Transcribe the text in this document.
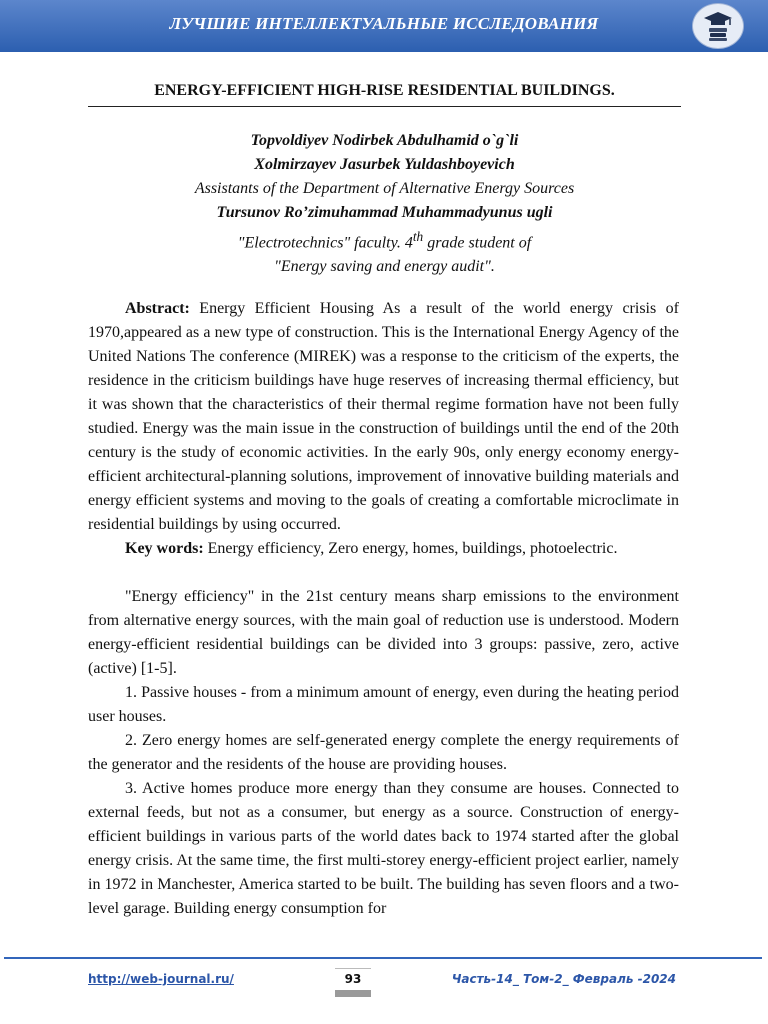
ЛУЧШИЕ ИНТЕЛЛЕКТУАЛЬНЫЕ ИССЛЕДОВАНИЯ
ENERGY-EFFICIENT HIGH-RISE RESIDENTIAL BUILDINGS.
Topvoldiyev Nodirbek Abdulhamid o`g`li
Xolmirzayev Jasurbek Yuldashboyevich
Assistants of the Department of Alternative Energy Sources
Tursunov Ro’zimuhammad Muhammadyunus ugli
"Electrotechnics" faculty. 4th grade student of
"Energy saving and energy audit".

Abstract: Energy Efficient Housing As a result of the world energy crisis of 1970,appeared as a new type of construction. This is the International Energy Agency of the United Nations The conference (MIREK) was a response to the criticism of the experts, the residence in the criticism buildings have huge reserves of increasing thermal efficiency, but it was shown that the characteristics of their thermal regime formation have not been fully studied. Energy was the main issue in the construction of buildings until the end of the 20th century is the study of economic activities. In the early 90s, only energy economy energy-efficient architectural-planning solutions, improvement of innovative building materials and energy efficient systems and moving to the goals of creating a comfortable microclimate in residential buildings by using occurred.

Key words: Energy efficiency, Zero energy, homes, buildings, photoelectric.

"Energy efficiency" in the 21st century means sharp emissions to the environment from alternative energy sources, with the main goal of reduction use is understood. Modern energy-efficient residential buildings can be divided into 3 groups: passive, zero, active (active) [1-5].

1. Passive houses - from a minimum amount of energy, even during the heating period user houses.

2. Zero energy homes are self-generated energy complete the energy requirements of the generator and the residents of the house are providing houses.

3. Active homes produce more energy than they consume are houses. Connected to external feeds, but not as a consumer, but energy as a source. Construction of energy-efficient buildings in various parts of the world dates back to 1974 started after the global energy crisis. At the same time, the first multi-storey energy-efficient project earlier, namely in 1972 in Manchester, America started to be built. The building has seven floors and a two-level garage. Building energy consumption for

http://web-journal.ru/	93	Часть-14_ Том-2_ Февраль -2024
